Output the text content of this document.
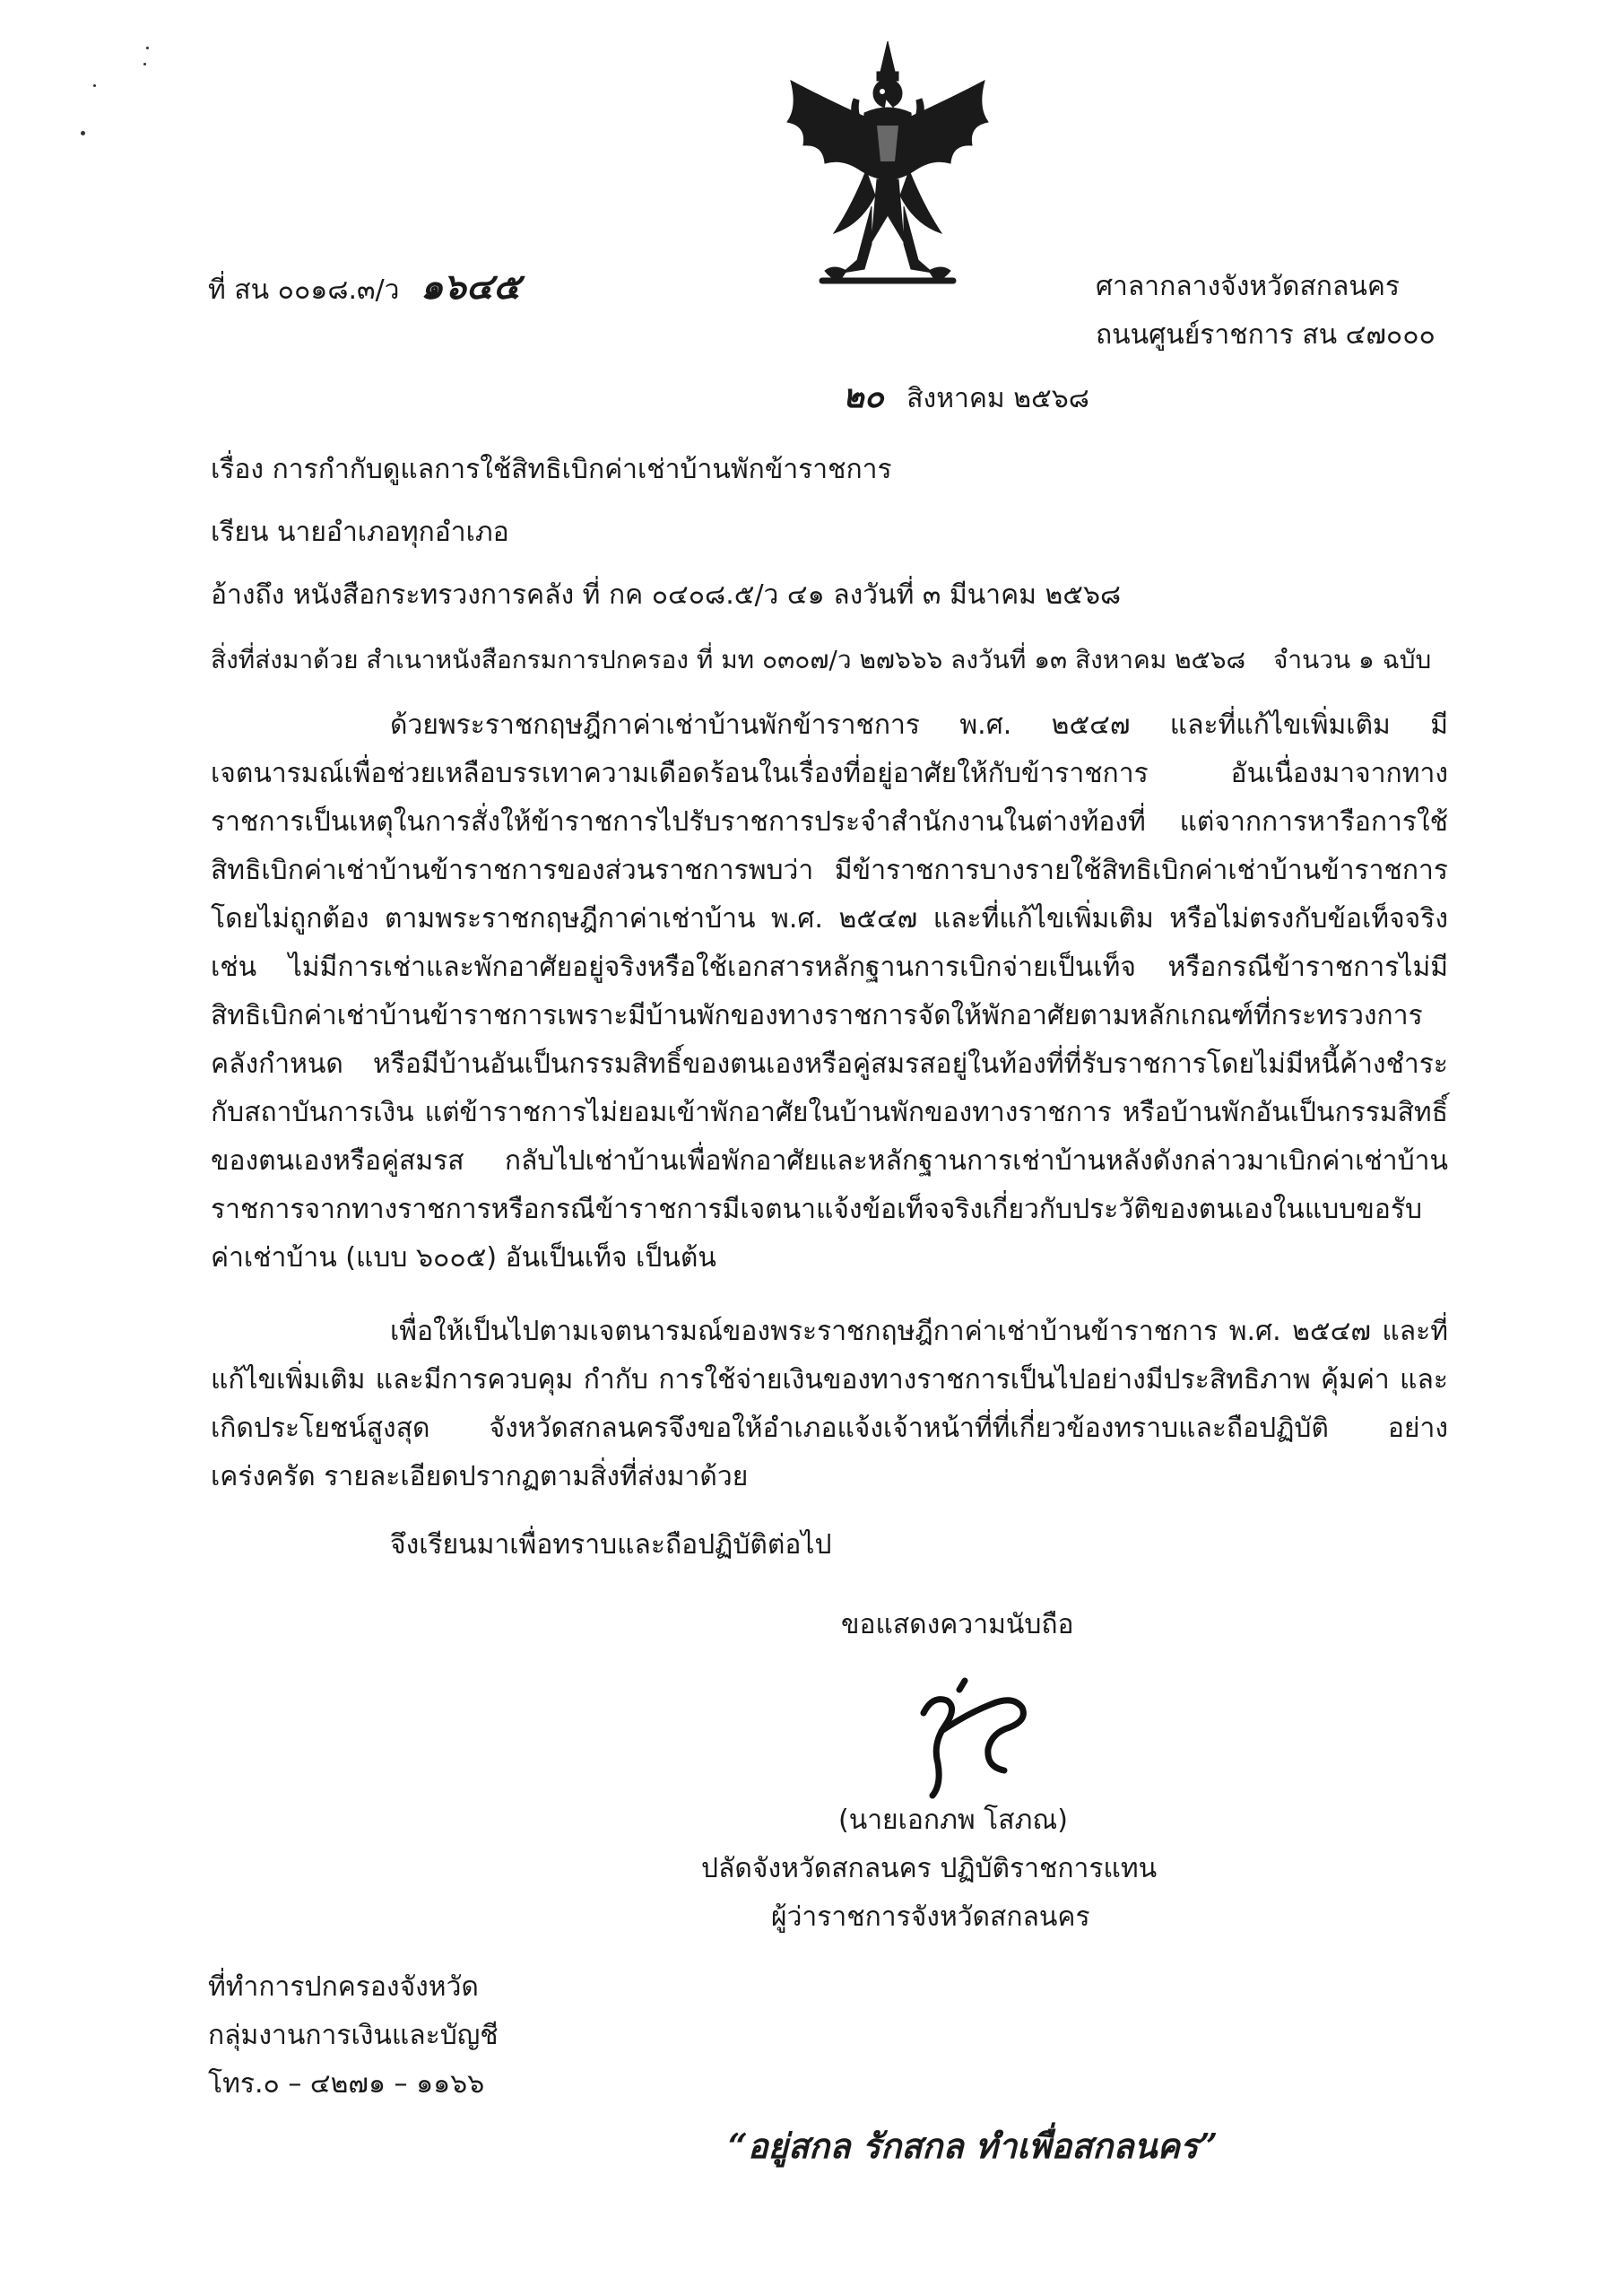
ที่ สน ๐๐๑๘.๓/ว ๑๖๔๕	ศาลากลางจังหวัดสกลนคร
ถนนศูนย์ราชการ สน ๔๗๐๐๐
๒๐ สิงหาคม ๒๕๖๘
เรื่อง การกำกับดูแลการใช้สิทธิเบิกค่าเช่าบ้านพักข้าราชการ
เรียน นายอำเภอทุกอำเภอ
อ้างถึง หนังสือกระทรวงการคลัง ที่ กค ๐๔๐๘.๕/ว ๔๑ ลงวันที่ ๓ มีนาคม ๒๕๖๘
สิ่งที่ส่งมาด้วย สำเนาหนังสือกรมการปกครอง ที่ มท ๐๓๐๗/ว ๒๗๖๖๖ ลงวันที่ ๑๓ สิงหาคม ๒๕๖๘ จำนวน ๑ ฉบับ

ด้วยพระราชกฤษฎีกาค่าเช่าบ้านพักข้าราชการ พ.ศ. ๒๕๔๗ และที่แก้ไขเพิ่มเติม มีเจตนารมณ์เพื่อช่วยเหลือบรรเทาความเดือดร้อนในเรื่องที่อยู่อาศัยให้กับข้าราชการ อันเนื่องมาจากทางราชการเป็นเหตุในการสั่งให้ข้าราชการไปรับราชการประจำสำนักงานในต่างท้องที่ แต่จากการหารือการใช้สิทธิเบิกค่าเช่าบ้านข้าราชการของส่วนราชการพบว่า มีข้าราชการบางรายใช้สิทธิเบิกค่าเช่าบ้านข้าราชการโดยไม่ถูกต้อง ตามพระราชกฤษฎีกาค่าเช่าบ้าน พ.ศ. ๒๕๔๗ และที่แก้ไขเพิ่มเติม หรือไม่ตรงกับข้อเท็จจริง เช่น ไม่มีการเช่าและพักอาศัยอยู่จริงหรือใช้เอกสารหลักฐานการเบิกจ่ายเป็นเท็จ หรือกรณีข้าราชการไม่มีสิทธิเบิกค่าเช่าบ้านข้าราชการเพราะมีบ้านพักของทางราชการจัดให้พักอาศัยตามหลักเกณฑ์ที่กระทรวงการคลังกำหนด หรือมีบ้านอันเป็นกรรมสิทธิ์ของตนเองหรือคู่สมรสอยู่ในท้องที่ที่รับราชการโดยไม่มีหนี้ค้างชำระกับสถาบันการเงิน แต่ข้าราชการไม่ยอมเข้าพักอาศัยในบ้านพักของทางราชการ หรือบ้านพักอันเป็นกรรมสิทธิ์ของตนเองหรือคู่สมรส กลับไปเช่าบ้านเพื่อพักอาศัยและหลักฐานการเช่าบ้านหลังดังกล่าวมาเบิกค่าเช่าบ้านราชการจากทางราชการหรือกรณีข้าราชการมีเจตนาแจ้งข้อเท็จจริงเกี่ยวกับประวัติของตนเองในแบบขอรับค่าเช่าบ้าน (แบบ ๖๐๐๕) อันเป็นเท็จ เป็นต้น

เพื่อให้เป็นไปตามเจตนารมณ์ของพระราชกฤษฎีกาค่าเช่าบ้านข้าราชการ พ.ศ. ๒๕๔๗ และที่แก้ไขเพิ่มเติม และมีการควบคุม กำกับ การใช้จ่ายเงินของทางราชการเป็นไปอย่างมีประสิทธิภาพ คุ้มค่า และเกิดประโยชน์สูงสุด จังหวัดสกลนครจึงขอให้อำเภอแจ้งเจ้าหน้าที่ที่เกี่ยวข้องทราบและถือปฏิบัติ อย่างเคร่งครัด รายละเอียดปรากฏตามสิ่งที่ส่งมาด้วย

จึงเรียนมาเพื่อทราบและถือปฏิบัติต่อไป

ขอแสดงความนับถือ
(นายเอกภพ โสภณ)
ปลัดจังหวัดสกลนคร ปฏิบัติราชการแทน
ผู้ว่าราชการจังหวัดสกลนคร
ที่ทำการปกครองจังหวัด
กลุ่มงานการเงินและบัญชี
โทร.๐ – ๔๒๗๑ – ๑๑๖๖
“อยู่สกล รักสกล ทำเพื่อสกลนคร”
